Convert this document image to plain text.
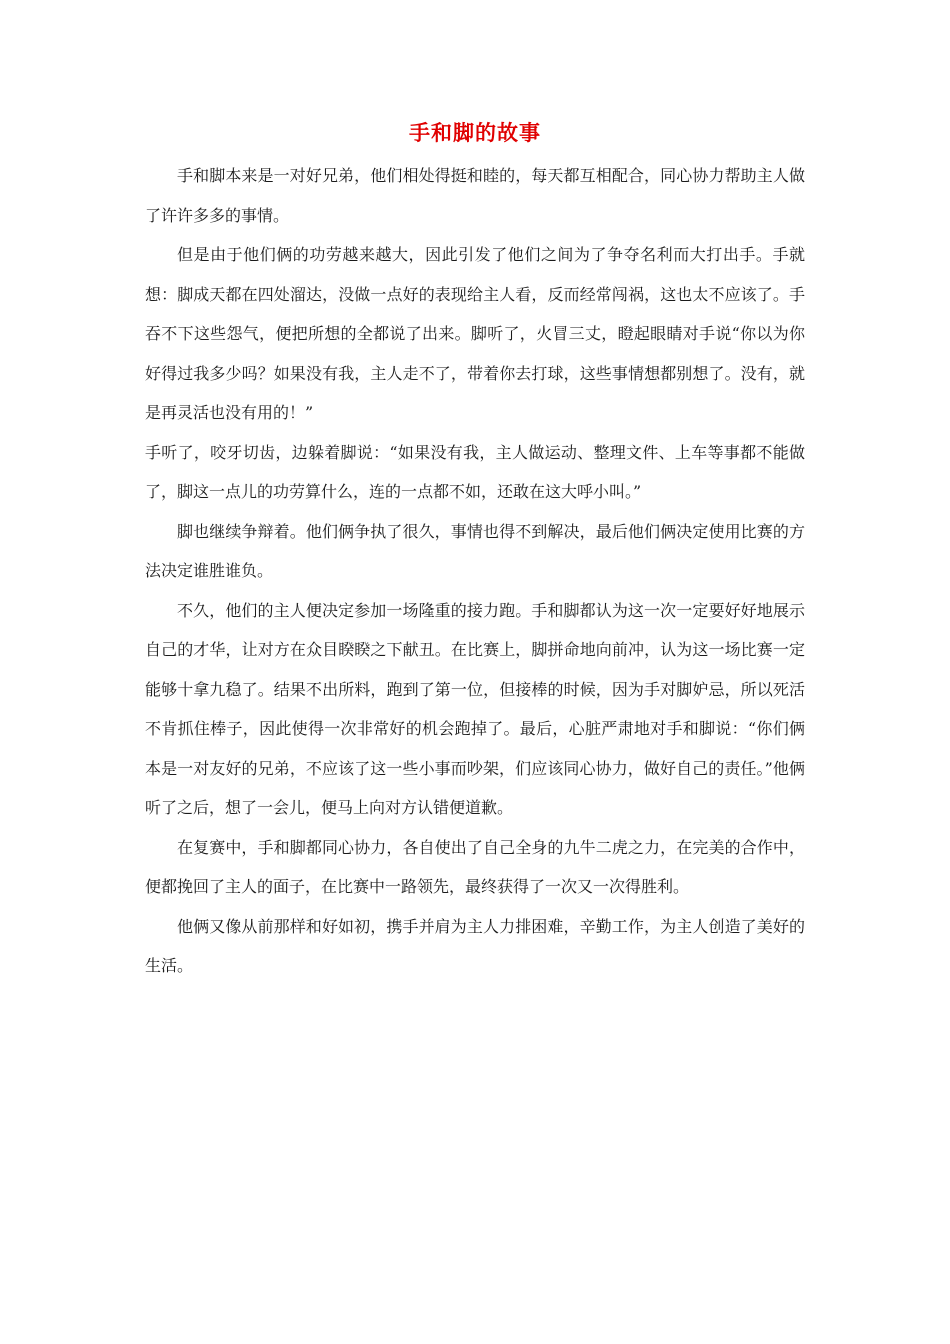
手和脚的故事

手和脚本来是一对好兄弟，他们相处得挺和睦的，每天都互相配合，同心协力帮助主人做了许许多多的事情。

但是由于他们俩的功劳越来越大，因此引发了他们之间为了争夺名利而大打出手。手就想：脚成天都在四处溜达，没做一点好的表现给主人看，反而经常闯祸，这也太不应该了。手吞不下这些怨气，便把所想的全都说了出来。脚听了，火冒三丈，瞪起眼睛对手说“你以为你好得过我多少吗？如果没有我，主人走不了，带着你去打球，这些事情想都别想了。没有，就是再灵活也没有用的！”

手听了，咬牙切齿，边躲着脚说：“如果没有我，主人做运动、整理文件、上车等事都不能做了，脚这一点儿的功劳算什么，连的一点都不如，还敢在这大呼小叫。”

脚也继续争辩着。他们俩争执了很久，事情也得不到解决，最后他们俩决定使用比赛的方法决定谁胜谁负。

不久，他们的主人便决定参加一场隆重的接力跑。手和脚都认为这一次一定要好好地展示自己的才华，让对方在众目睽睽之下献丑。在比赛上，脚拼命地向前冲，认为这一场比赛一定能够十拿九稳了。结果不出所料，跑到了第一位，但接棒的时候，因为手对脚妒忌，所以死活不肯抓住棒子，因此使得一次非常好的机会跑掉了。最后，心脏严肃地对手和脚说：“你们俩本是一对友好的兄弟，不应该了这一些小事而吵架，们应该同心协力，做好自己的责任。”他俩听了之后，想了一会儿，便马上向对方认错便道歉。

在复赛中，手和脚都同心协力，各自使出了自己全身的九牛二虎之力，在完美的合作中，便都挽回了主人的面子，在比赛中一路领先，最终获得了一次又一次得胜利。

他俩又像从前那样和好如初，携手并肩为主人力排困难，辛勤工作，为主人创造了美好的生活。
